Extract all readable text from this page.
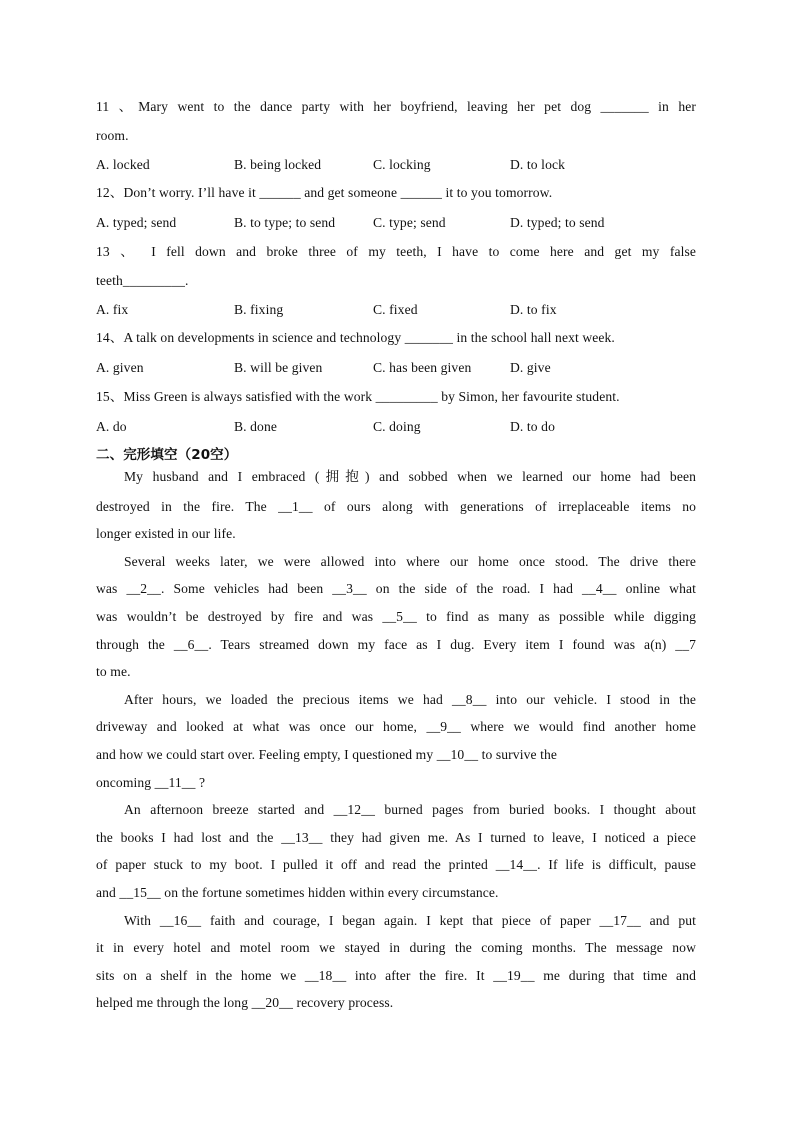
11 、Mary went to the dance party with her boyfriend, leaving her pet dog _______ in her
room.
A. locked	B. being locked	C. locking	D. to lock
12、Don’t worry. I’ll have it ______ and get someone ______ it to you tomorrow.
A. typed; send	B. to type; to send	C. type; send	D. typed; to send
13 、 I fell down and broke three of my teeth, I have to come here and get my false
teeth_________.
A. fix	B. fixing	C. fixed	D. to fix
14、A talk on developments in science and technology _______ in the school hall next week.
A. given	B. will be given	C. has been given	D. give
15、Miss Green is always satisfied with the work _________ by Simon, her favourite student.
A. do	B. done	C. doing	D. to do
二、完形填空（20空）
My husband and I embraced (拥抱) and sobbed when we learned our home had been
destroyed in the fire. The __1__ of ours along with generations of irreplaceable items no
longer existed in our life.
Several weeks later, we were allowed into where our home once stood. The drive there
was __2__. Some vehicles had been __3__ on the side of the road. I had __4__ online what
was wouldn’t be destroyed by fire and was __5__ to find as many as possible while digging
through the __6__. Tears streamed down my face as I dug. Every item I found was a(n) __7
to me.
After hours, we loaded the precious items we had __8__ into our vehicle. I stood in the
driveway and looked at what was once our home, __9__ where we would find another home
and how we could start over. Feeling empty, I questioned my __10__ to survive the
oncoming __11__ ?
An afternoon breeze started and __12__ burned pages from buried books. I thought about
the books I had lost and the __13__ they had given me. As I turned to leave, I noticed a piece
of paper stuck to my boot. I pulled it off and read the printed __14__. If life is difficult, pause
and __15__ on the fortune sometimes hidden within every circumstance.
With __16__ faith and courage, I began again. I kept that piece of paper __17__ and put
it in every hotel and motel room we stayed in during the coming months. The message now
sits on a shelf in the home we __18__ into after the fire. It __19__ me during that time and
helped me through the long __20__ recovery process.
